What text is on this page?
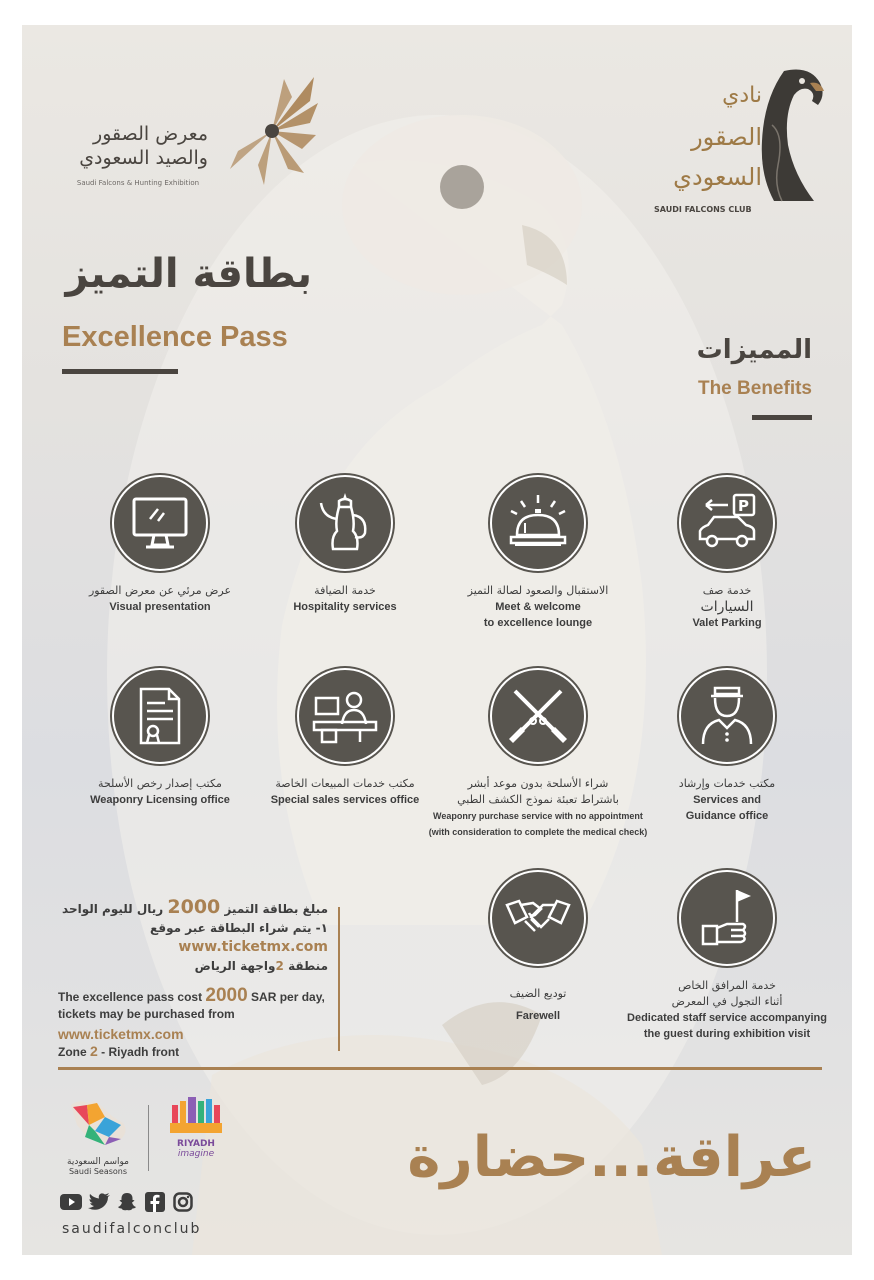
معرض الصقور
والصيد السعودي
Saudi Falcons & Hunting Exhibition
نادي
الصقور
السعودي
SAUDI FALCONS CLUB
بطاقة التميز
Excellence Pass	المميزات
The Benefits
عرض مرئي عن معرض الصقور
Visual presentation
خدمة الضيافة
Hospitality services
الاستقبال والصعود لصالة التميز
Meet & welcome
to excellence lounge
P
خدمة صف
السيارات
Valet Parking
مكتب إصدار رخص الأسلحة
Weaponry Licensing office
مكتب خدمات المبيعات الخاصة
Special sales services office
شراء الأسلحة بدون موعد أبشر
باشتراط تعبئة نموذج الكشف الطبي
Weaponry purchase service with no appointment
(with consideration to complete the medical check)
مكتب خدمات وإرشاد
Services and
Guidance office
توديع الضيف
Farewell
خدمة المرافق الخاص
أثناء التجول في المعرض
Dedicated staff service accompanying
the guest during exhibition visit
مبلغ بطاقة التميز 2000 ريال لليوم الواحد
١- يتم شراء البطاقة عبر موقع
www.ticketmx.com
منطقة 2واجهة الرياض
The excellence pass cost 2000 SAR per day,
tickets may be purchased from
www.ticketmx.com
Zone 2 - Riyadh front
مواسم السعودية
Saudi Seasons
RIYADH
imagine	عراقة...حضارة
saudifalconclub
